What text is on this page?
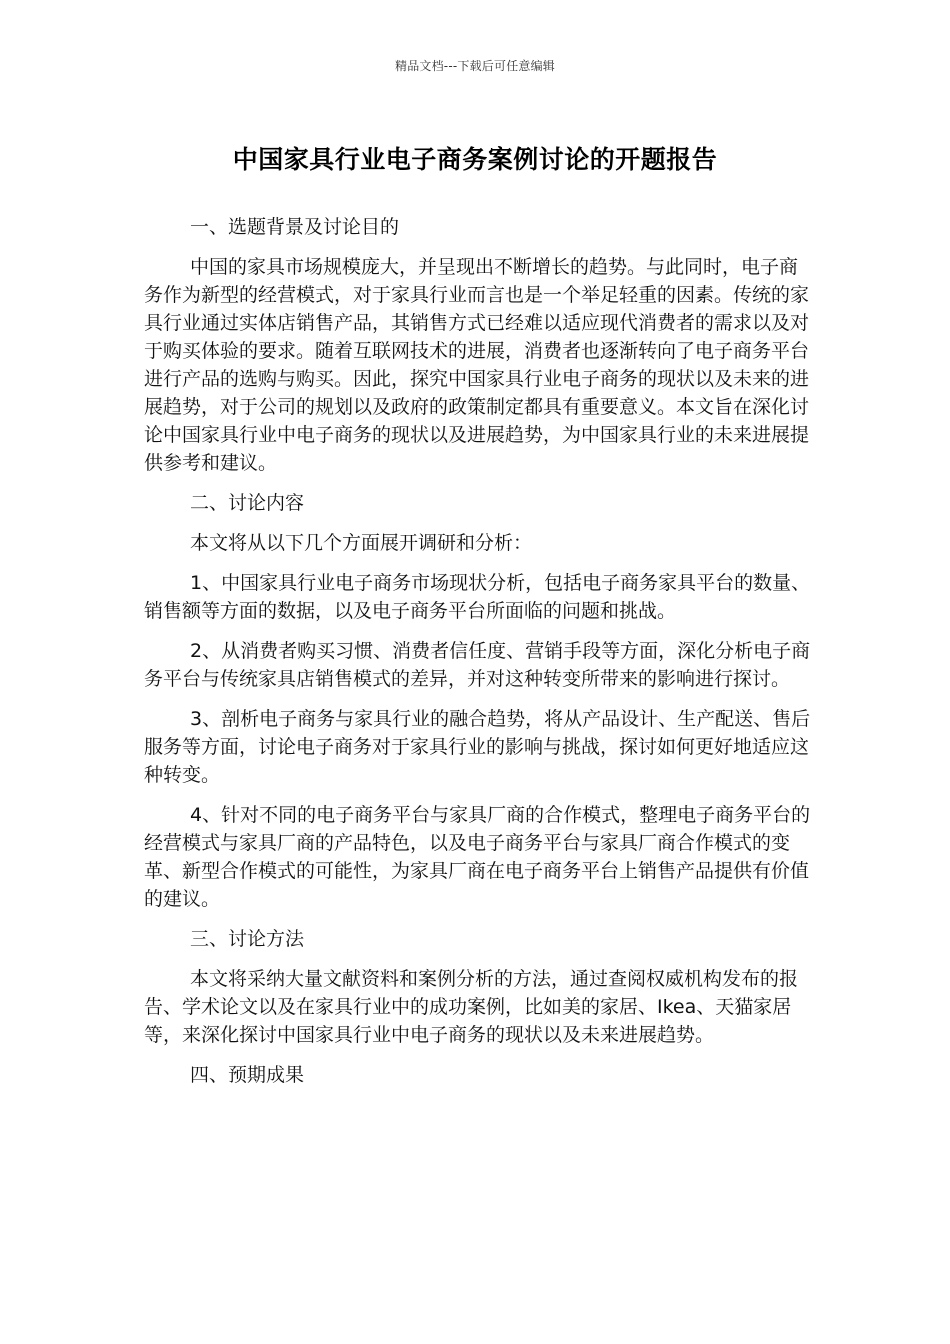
精品文档---下载后可任意编辑
中国家具行业电子商务案例讨论的开题报告
一、选题背景及讨论目的

中国的家具市场规模庞大，并呈现出不断增长的趋势。与此同时，电子商务作为新型的经营模式，对于家具行业而言也是一个举足轻重的因素。传统的家具行业通过实体店销售产品，其销售方式已经难以适应现代消费者的需求以及对于购买体验的要求。随着互联网技术的进展，消费者也逐渐转向了电子商务平台进行产品的选购与购买。因此，探究中国家具行业电子商务的现状以及未来的进展趋势，对于公司的规划以及政府的政策制定都具有重要意义。本文旨在深化讨论中国家具行业中电子商务的现状以及进展趋势，为中国家具行业的未来进展提供参考和建议。

二、讨论内容

本文将从以下几个方面展开调研和分析：

1、中国家具行业电子商务市场现状分析，包括电子商务家具平台的数量、销售额等方面的数据，以及电子商务平台所面临的问题和挑战。

2、从消费者购买习惯、消费者信任度、营销手段等方面，深化分析电子商务平台与传统家具店销售模式的差异，并对这种转变所带来的影响进行探讨。

3、剖析电子商务与家具行业的融合趋势，将从产品设计、生产配送、售后服务等方面，讨论电子商务对于家具行业的影响与挑战，探讨如何更好地适应这种转变。

4、针对不同的电子商务平台与家具厂商的合作模式，整理电子商务平台的经营模式与家具厂商的产品特色，以及电子商务平台与家具厂商合作模式的变革、新型合作模式的可能性，为家具厂商在电子商务平台上销售产品提供有价值的建议。

三、讨论方法

本文将采纳大量文献资料和案例分析的方法，通过查阅权威机构发布的报告、学术论文以及在家具行业中的成功案例，比如美的家居、Ikea、天猫家居等，来深化探讨中国家具行业中电子商务的现状以及未来进展趋势。

四、预期成果
